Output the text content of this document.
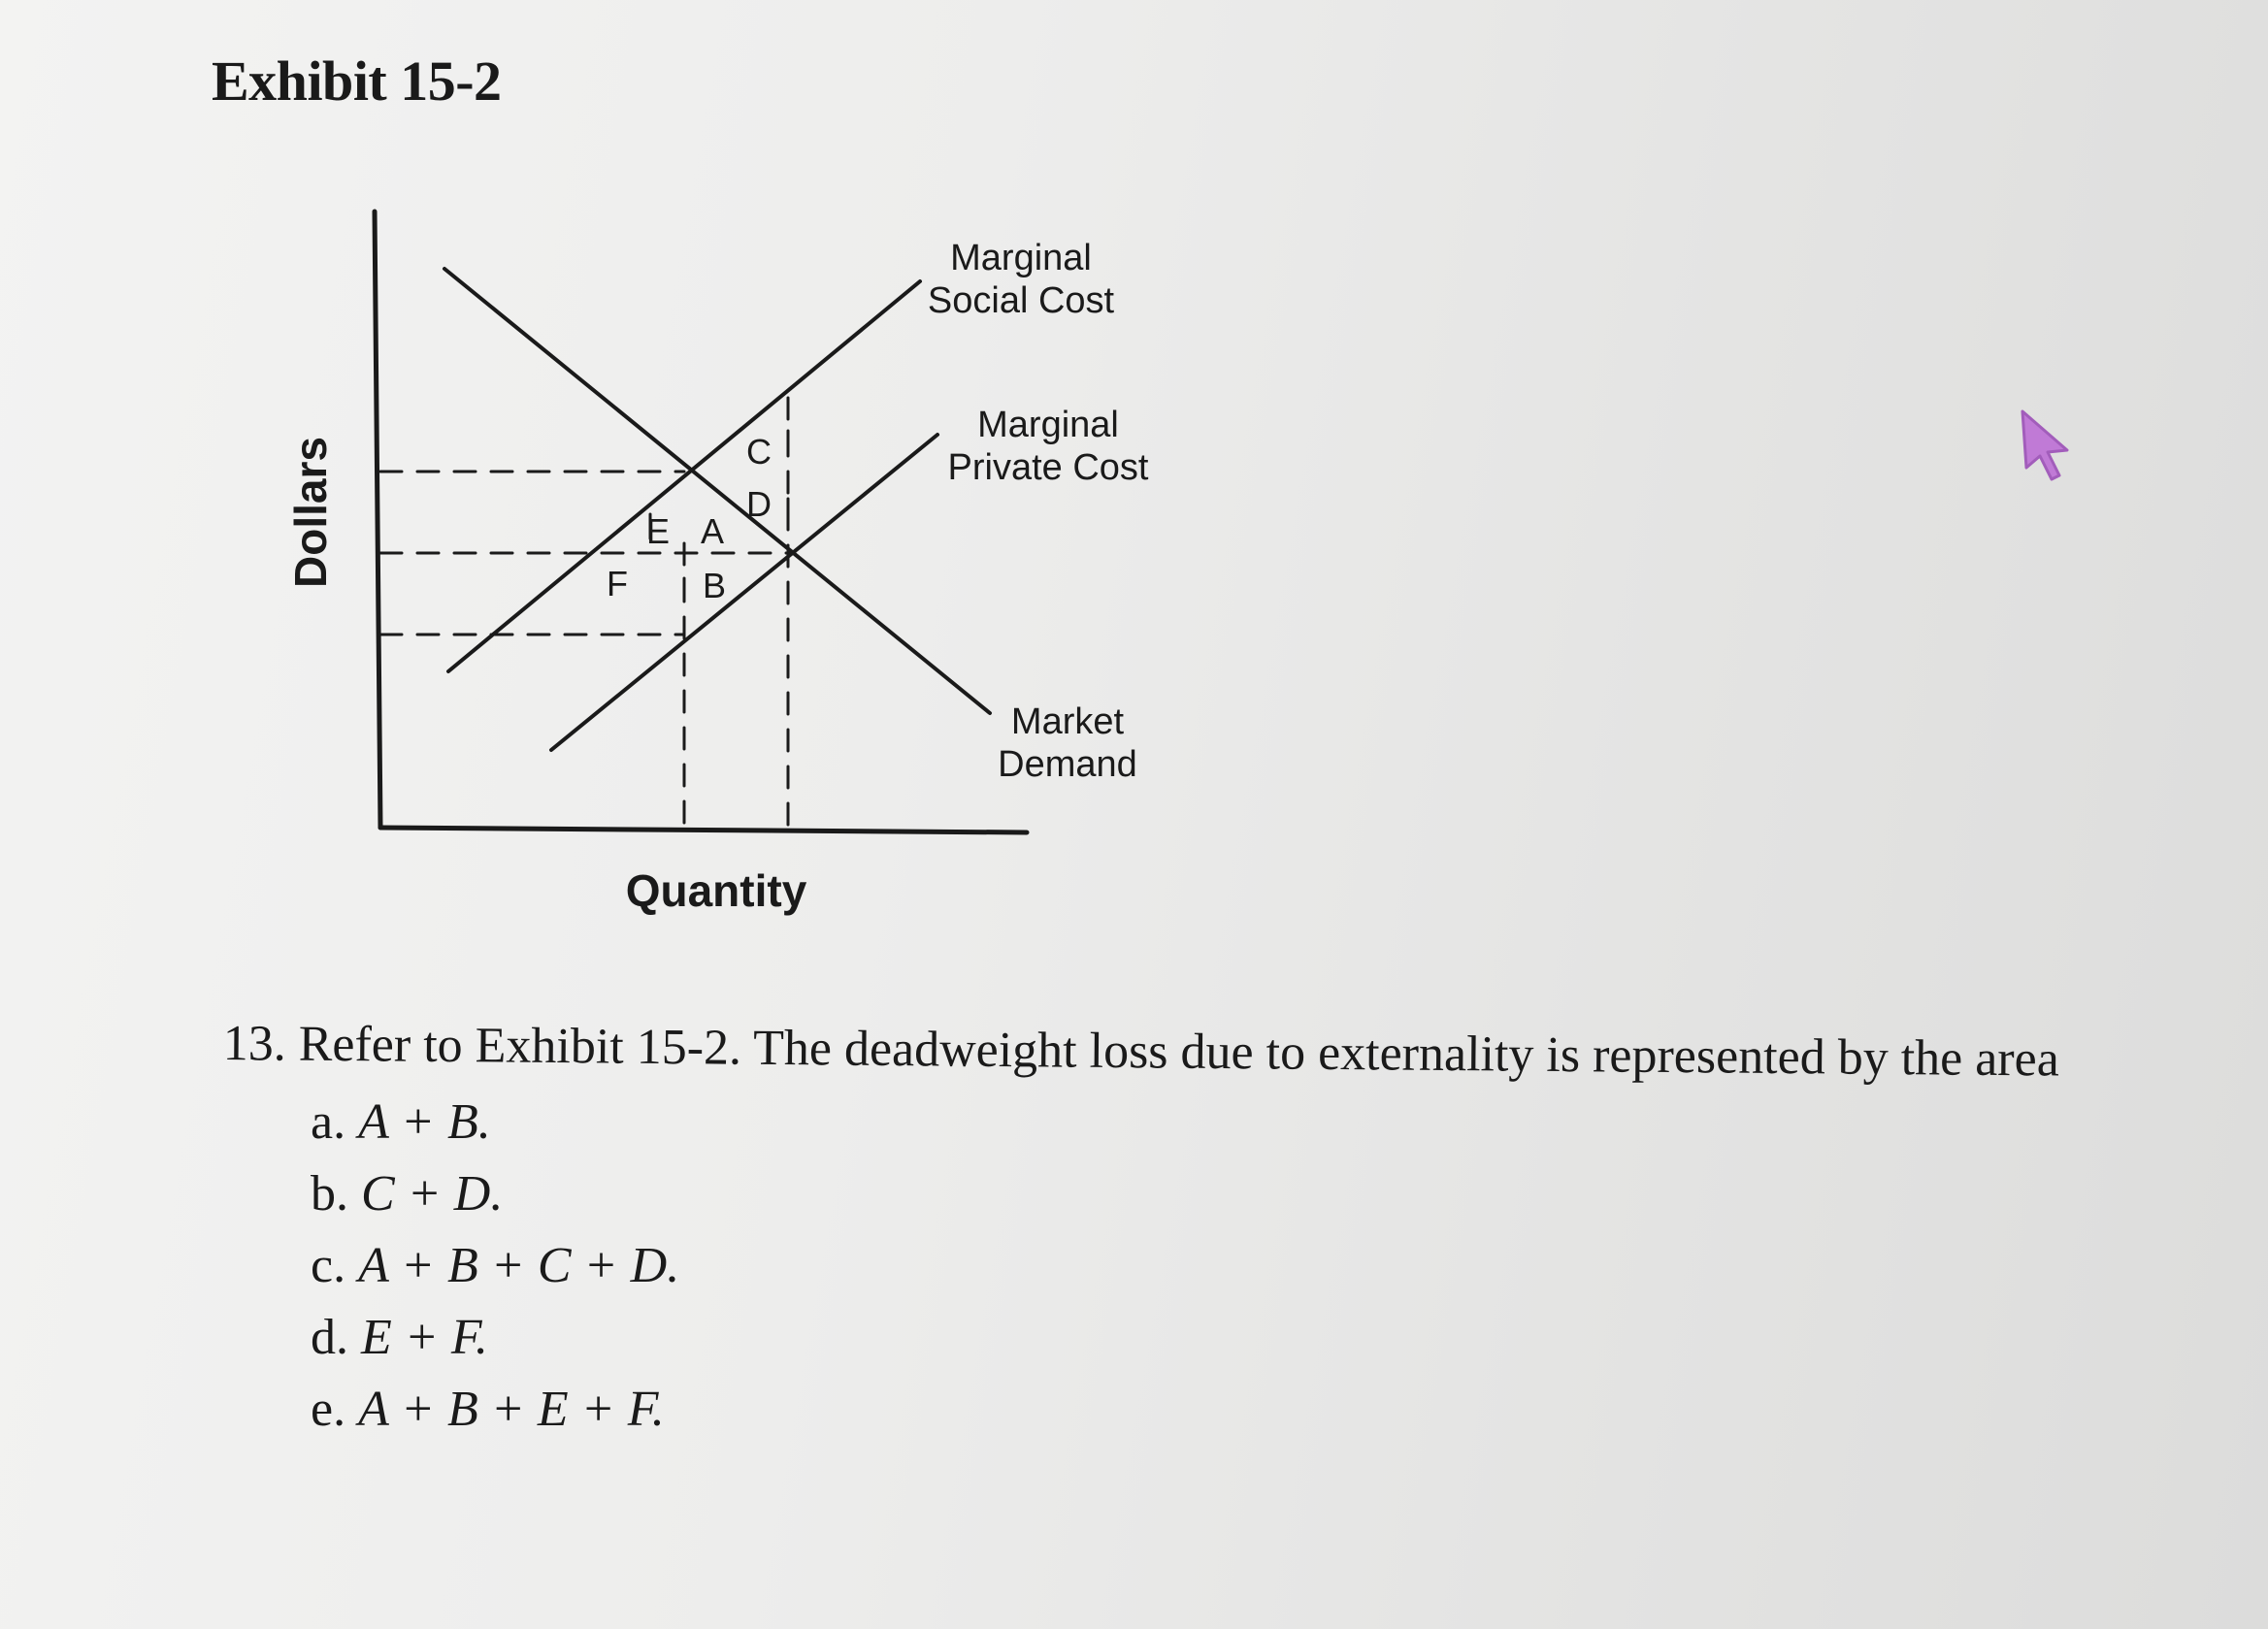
Exhibit 15-2
Dollars
Quantity
Marginal
Social Cost
Marginal
Private Cost
Market
Demand
C
D
E A
F B
13. Refer to Exhibit 15-2. The deadweight loss due to externality is represented by the area
a. A + B.
b. C + D.
c. A + B + C + D.
d. E + F.
e. A + B + E + F.
